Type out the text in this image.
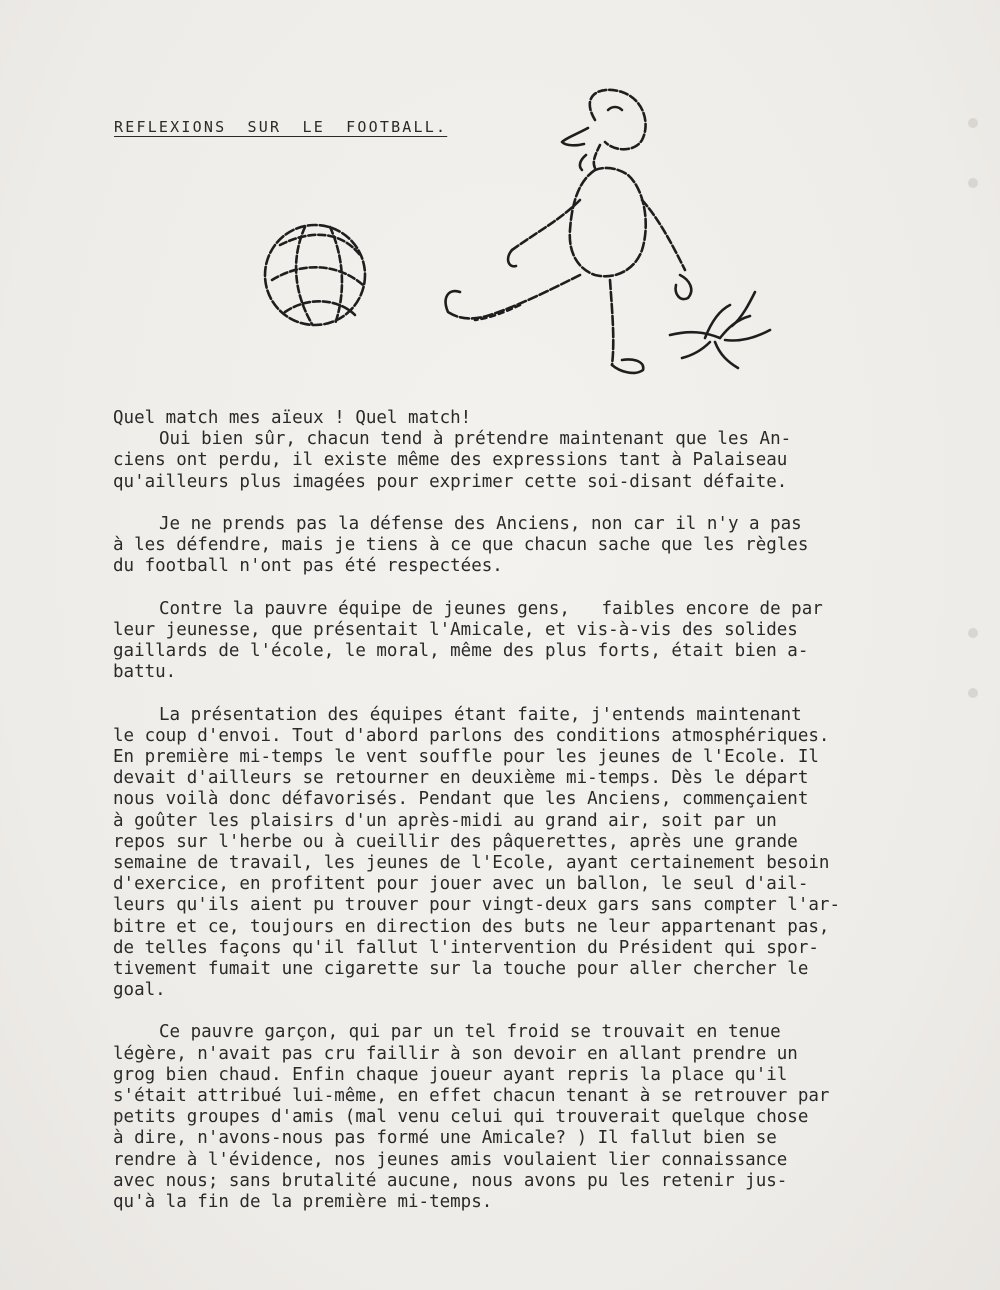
REFLEXIONS SUR LE FOOTBALL.
Quel match mes aïeux ! Quel match!
Oui bien sûr, chacun tend à prétendre maintenant que les An-
ciens ont perdu, il existe même des expressions tant à Palaiseau
qu'ailleurs plus imagées pour exprimer cette soi-disant défaite.
Je ne prends pas la défense des Anciens, non car il n'y a pas
à les défendre, mais je tiens à ce que chacun sache que les règles
du football n'ont pas été respectées.
Contre la pauvre équipe de jeunes gens,   faibles encore de par
leur jeunesse, que présentait l'Amicale, et vis-à-vis des solides
gaillards de l'école, le moral, même des plus forts, était bien a-
battu.
La présentation des équipes étant faite, j'entends maintenant
le coup d'envoi. Tout d'abord parlons des conditions atmosphériques.
En première mi-temps le vent souffle pour les jeunes de l'Ecole. Il
devait d'ailleurs se retourner en deuxième mi-temps. Dès le départ
nous voilà donc défavorisés. Pendant que les Anciens, commençaient
à goûter les plaisirs d'un après-midi au grand air, soit par un
repos sur l'herbe ou à cueillir des pâquerettes, après une grande
semaine de travail, les jeunes de l'Ecole, ayant certainement besoin
d'exercice, en profitent pour jouer avec un ballon, le seul d'ail-
leurs qu'ils aient pu trouver pour vingt-deux gars sans compter l'ar-
bitre et ce, toujours en direction des buts ne leur appartenant pas,
de telles façons qu'il fallut l'intervention du Président qui spor-
tivement fumait une cigarette sur la touche pour aller chercher le
goal.
Ce pauvre garçon, qui par un tel froid se trouvait en tenue
légère, n'avait pas cru faillir à son devoir en allant prendre un
grog bien chaud. Enfin chaque joueur ayant repris la place qu'il
s'était attribué lui-même, en effet chacun tenant à se retrouver par
petits groupes d'amis (mal venu celui qui trouverait quelque chose
à dire, n'avons-nous pas formé une Amicale? ) Il fallut bien se
rendre à l'évidence, nos jeunes amis voulaient lier connaissance
avec nous; sans brutalité aucune, nous avons pu les retenir jus-
qu'à la fin de la première mi-temps.
